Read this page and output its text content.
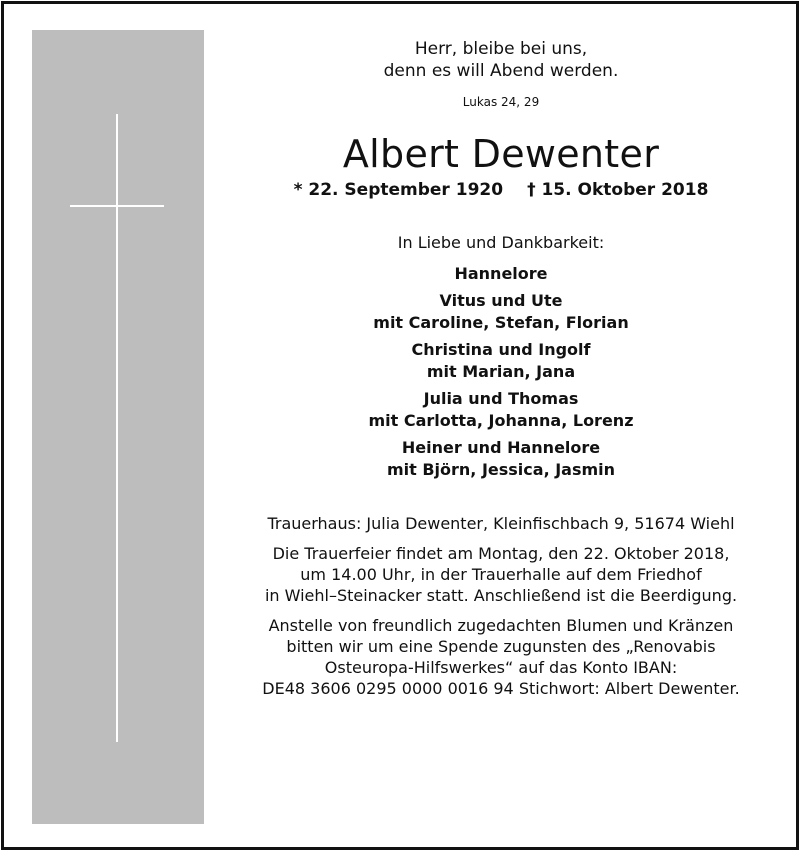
Herr, bleibe bei uns,
denn es will Abend werden.
Lukas 24, 29
Albert Dewenter
* 22. September 1920 † 15. Oktober 2018
In Liebe und Dankbarkeit:
Hannelore
Vitus und Ute
mit Caroline, Stefan, Florian
Christina und Ingolf
mit Marian, Jana
Julia und Thomas
mit Carlotta, Johanna, Lorenz
Heiner und Hannelore
mit Björn, Jessica, Jasmin
Trauerhaus: Julia Dewenter, Kleinfischbach 9, 51674 Wiehl
Die Trauerfeier findet am Montag, den 22. Oktober 2018,
um 14.00 Uhr, in der Trauerhalle auf dem Friedhof
in Wiehl–Steinacker statt. Anschließend ist die Beerdigung.
Anstelle von freundlich zugedachten Blumen und Kränzen
bitten wir um eine Spende zugunsten des „Renovabis
Osteuropa-Hilfswerkes“ auf das Konto IBAN:
DE48 3606 0295 0000 0016 94 Stichwort: Albert Dewenter.
